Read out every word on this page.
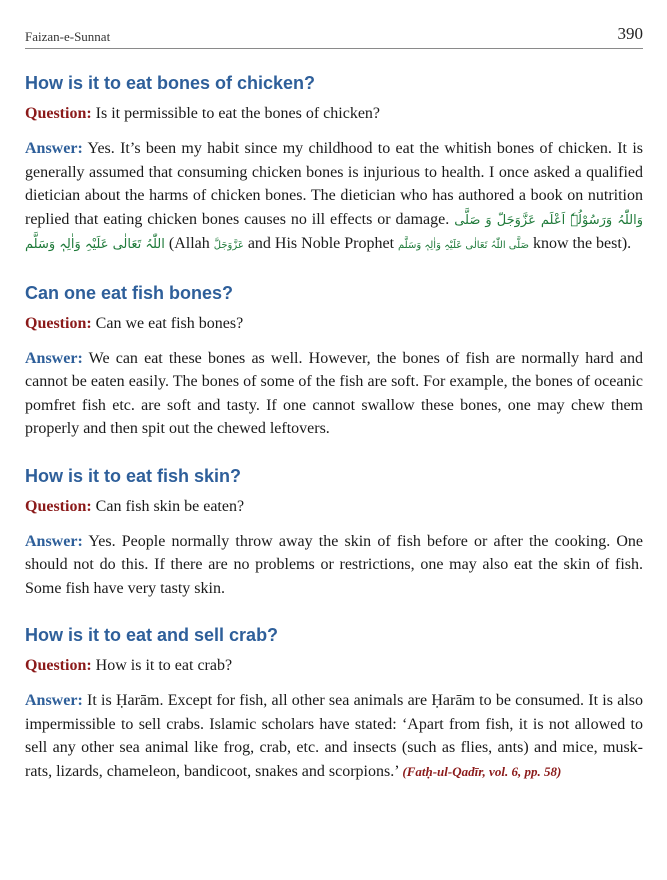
Faizan-e-Sunnat	390
How is it to eat bones of chicken?

Question: Is it permissible to eat the bones of chicken?

Answer: Yes. It’s been my habit since my childhood to eat the whitish bones of chicken. It is generally assumed that consuming chicken bones is injurious to health. I once asked a qualified dietician about the harms of chicken bones. The dietician who has authored a book on nutrition replied that eating chicken bones causes no ill effects or damage. وَاللّٰہُ وَرَسُوْلُہٗ اَعْلَم عَزَّوَجَلّ وَ صَلَّی اللّٰہُ تَعَالٰی عَلَیْہِ وَاٰلِہٖ وَسَلَّم (Allah عَزَّوَجَلَّ and His Noble Prophet صَلَّی اللّٰہُ تَعَالٰی عَلَیْہِ وَاٰلِہٖ وَسَلَّم know the best).

Can one eat fish bones?

Question: Can we eat fish bones?

Answer: We can eat these bones as well. However, the bones of fish are normally hard and cannot be eaten easily. The bones of some of the fish are soft. For example, the bones of oceanic pomfret fish etc. are soft and tasty. If one cannot swallow these bones, one may chew them properly and then spit out the chewed leftovers.

How is it to eat fish skin?

Question: Can fish skin be eaten?

Answer: Yes. People normally throw away the skin of fish before or after the cooking. One should not do this. If there are no problems or restrictions, one may also eat the skin of fish. Some fish have very tasty skin.

How is it to eat and sell crab?

Question: How is it to eat crab?

Answer: It is Ḥarām. Except for fish, all other sea animals are Ḥarām to be consumed. It is also impermissible to sell crabs. Islamic scholars have stated: ‘Apart from fish, it is not allowed to sell any other sea animal like frog, crab, etc. and insects (such as flies, ants) and mice, musk-rats, lizards, chameleon, bandicoot, snakes and scorpions.’ (Fatḥ-ul-Qadīr, vol. 6, pp. 58)
